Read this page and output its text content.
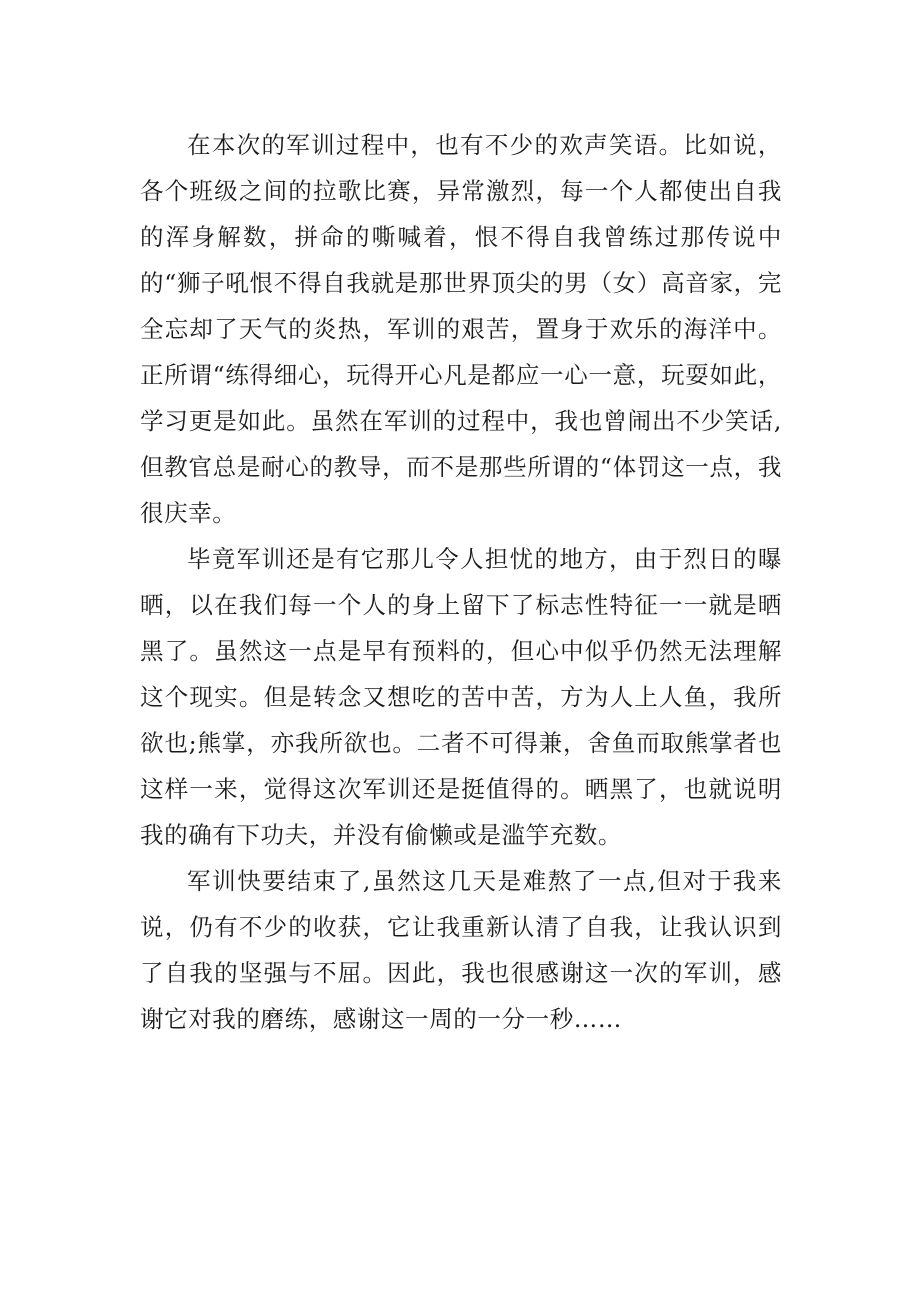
在本次的军训过程中，也有不少的欢声笑语。比如说，各个班级之间的拉歌比赛，异常激烈，每一个人都使出自我的浑身解数，拼命的嘶喊着，恨不得自我曾练过那传说中的“狮子吼恨不得自我就是那世界顶尖的男（女）高音家，完全忘却了天气的炎热，军训的艰苦，置身于欢乐的海洋中。正所谓“练得细心，玩得开心凡是都应一心一意，玩耍如此，学习更是如此。虽然在军训的过程中，我也曾闹出不少笑话,但教官总是耐心的教导，而不是那些所谓的“体罚这一点，我很庆幸。

毕竟军训还是有它那儿令人担忧的地方，由于烈日的曝晒，以在我们每一个人的身上留下了标志性特征一一就是晒黑了。虽然这一点是早有预料的，但心中似乎仍然无法理解这个现实。但是转念又想吃的苦中苦，方为人上人鱼，我所欲也;熊掌，亦我所欲也。二者不可得兼，舍鱼而取熊掌者也这样一来，觉得这次军训还是挺值得的。晒黑了，也就说明我的确有下功夫，并没有偷懒或是滥竽充数。

军训快要结束了,虽然这几天是难熬了一点,但对于我来说，仍有不少的收获，它让我重新认清了自我，让我认识到了自我的坚强与不屈。因此，我也很感谢这一次的军训，感谢它对我的磨练，感谢这一周的一分一秒……
